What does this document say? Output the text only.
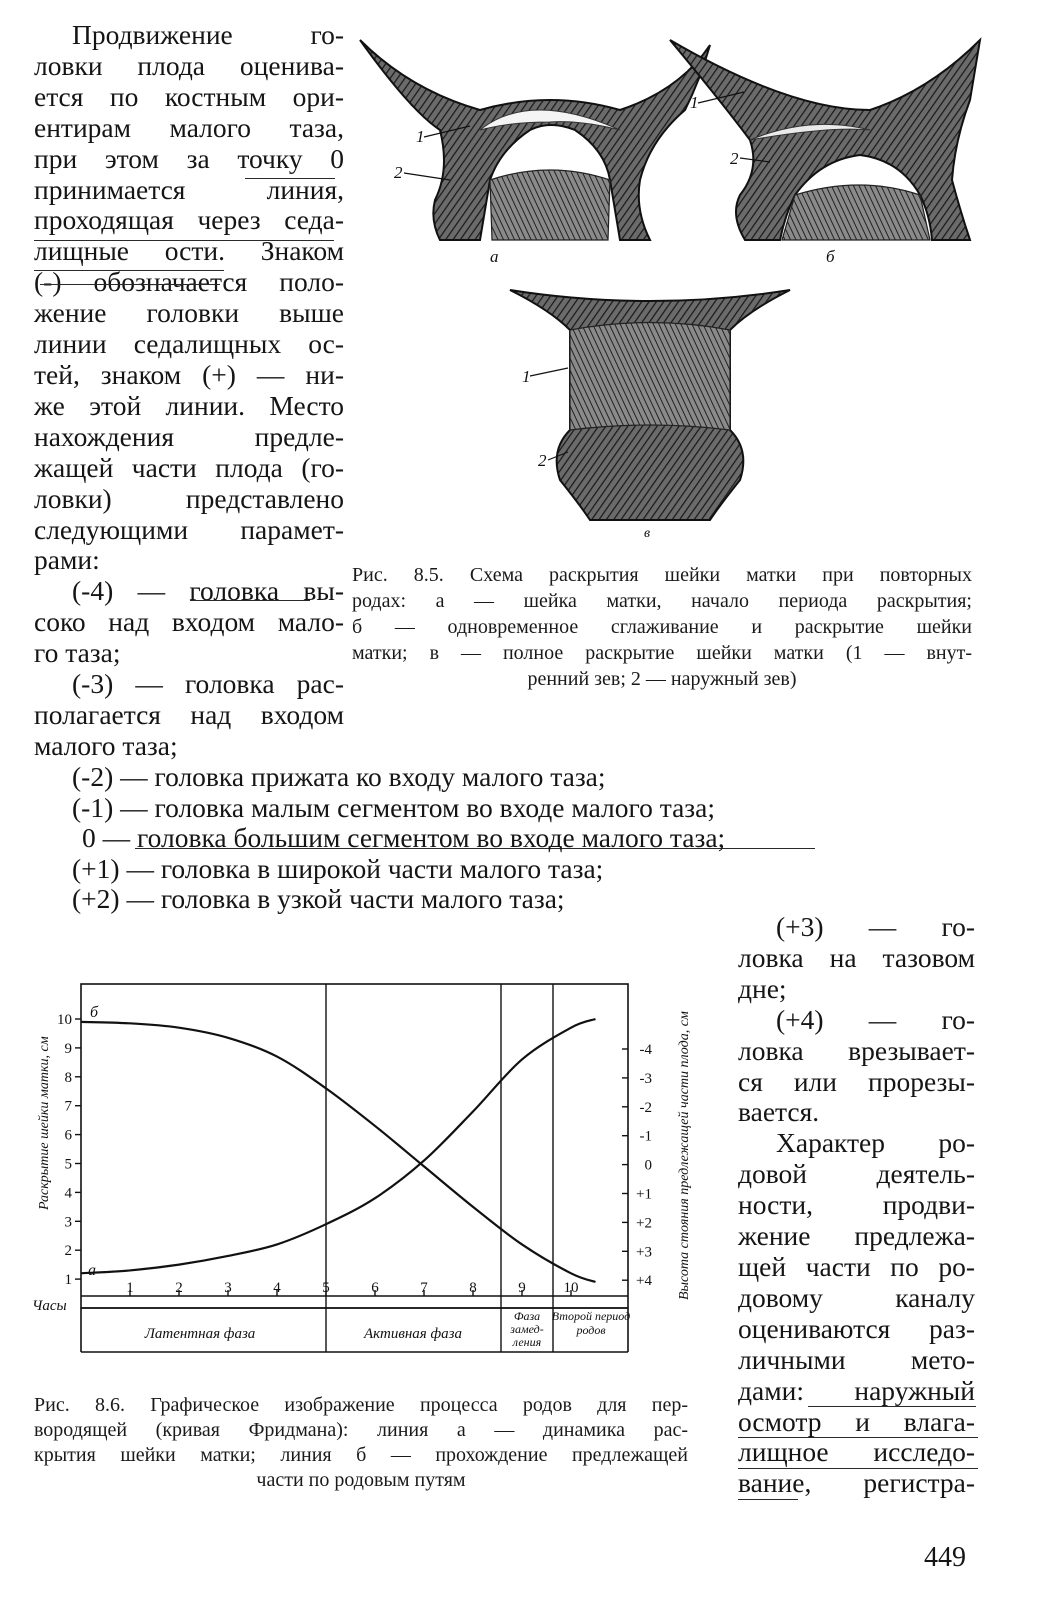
Продвижение го-
ловки плода оценива-
ется по костным ори-
ентирам малого таза,
при этом за точку 0
принимается линия,
проходящая через седа-
лищные ости. Знаком
(-) обозначается поло-
жение головки выше
линии седалищных ос-
тей, знаком (+) — ни-
же этой линии. Место
нахождения предле-
жащей части плода (го-
ловки) представлено
следующими парамет-
рами:
(-4) — головка вы-
соко над входом мало-
го таза;
(-3) — головка рас-
полагается над входом
малого таза;
1
2
а
1
2
б
1
2
в
Рис. 8.5. Схема раскрытия шейки матки при повторных
родах: а — шейка матки, начало периода раскрытия;
б — одновременное сглаживание и раскрытие шейки
матки; в — полное раскрытие шейки матки (1 — внут-
ренний зев; 2 — наружный зев)
(-2) — головка прижата ко входу малого таза;
(-1) — головка малым сегментом во входе малого таза;
0 — головка большим сегментом во входе малого таза;
(+1) — головка в широкой части малого таза;
(+2) — головка в узкой части малого таза;
(+3) — го-
ловка на тазовом
дне;
(+4) — го-
ловка врезывает-
ся или прорезы-
вается.
Характер ро-
довой деятель-
ности, продви-
жение предлежа-
щей части по ро-
довому каналу
оцениваются раз-
личными мето-
дами: наружный
осмотр и влага-
лищное исследо-
вание, регистра-
Раскрытие шейки матки, см	Высота стояния предлежащей части плода, см
Часы
1
2
3
4
5
6
7
8
9
10
-4
-3
-2
-1
0
+1
+2
+3
+4
1	2	3	4	5	6	7	8	9	10
а
б
Латентная фаза	Активная фаза
Фаза
замед-
ления
Второй период
родов
Рис. 8.6. Графическое изображение процесса родов для пер-
вородящей (кривая Фридмана): линия а — динамика рас-
крытия шейки матки; линия б — прохождение предлежащей
части по родовым путям
449
